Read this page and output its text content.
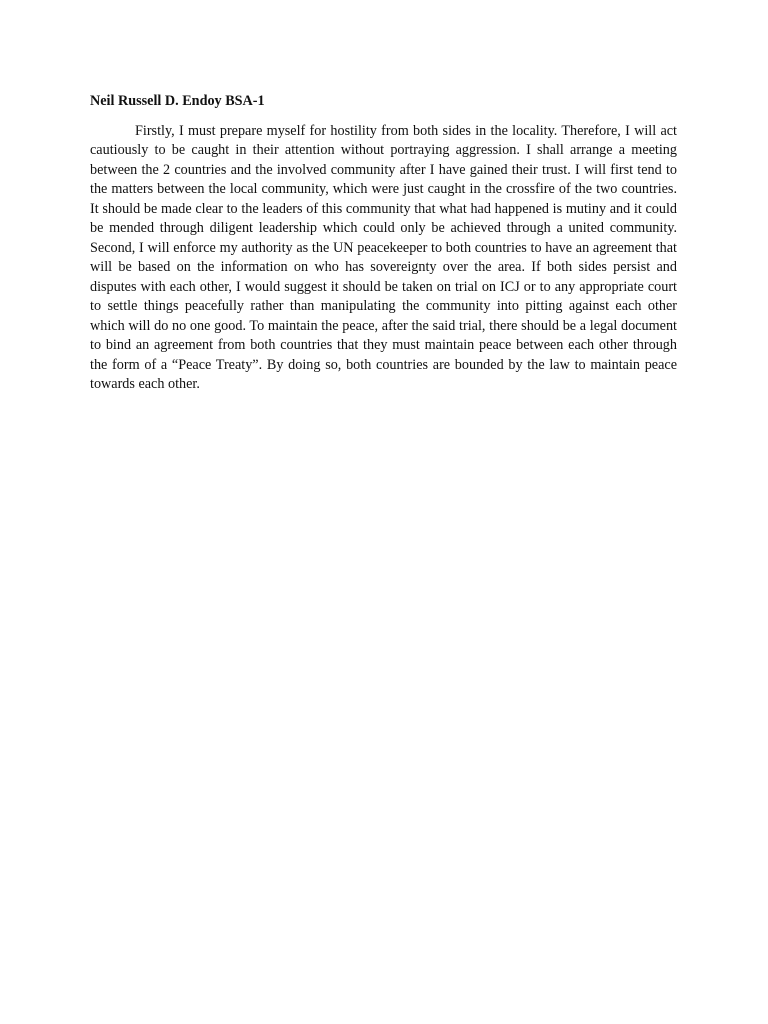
Neil Russell D. Endoy BSA-1

Firstly, I must prepare myself for hostility from both sides in the locality. Therefore, I will act cautiously to be caught in their attention without portraying aggression. I shall arrange a meeting between the 2 countries and the involved community after I have gained their trust. I will first tend to the matters between the local community, which were just caught in the crossfire of the two countries. It should be made clear to the leaders of this community that what had happened is mutiny and it could be mended through diligent leadership which could only be achieved through a united community. Second, I will enforce my authority as the UN peacekeeper to both countries to have an agreement that will be based on the information on who has sovereignty over the area. If both sides persist and disputes with each other, I would suggest it should be taken on trial on ICJ or to any appropriate court to settle things peacefully rather than manipulating the community into pitting against each other which will do no one good. To maintain the peace, after the said trial, there should be a legal document to bind an agreement from both countries that they must maintain peace between each other through the form of a “Peace Treaty”. By doing so, both countries are bounded by the law to maintain peace towards each other.
